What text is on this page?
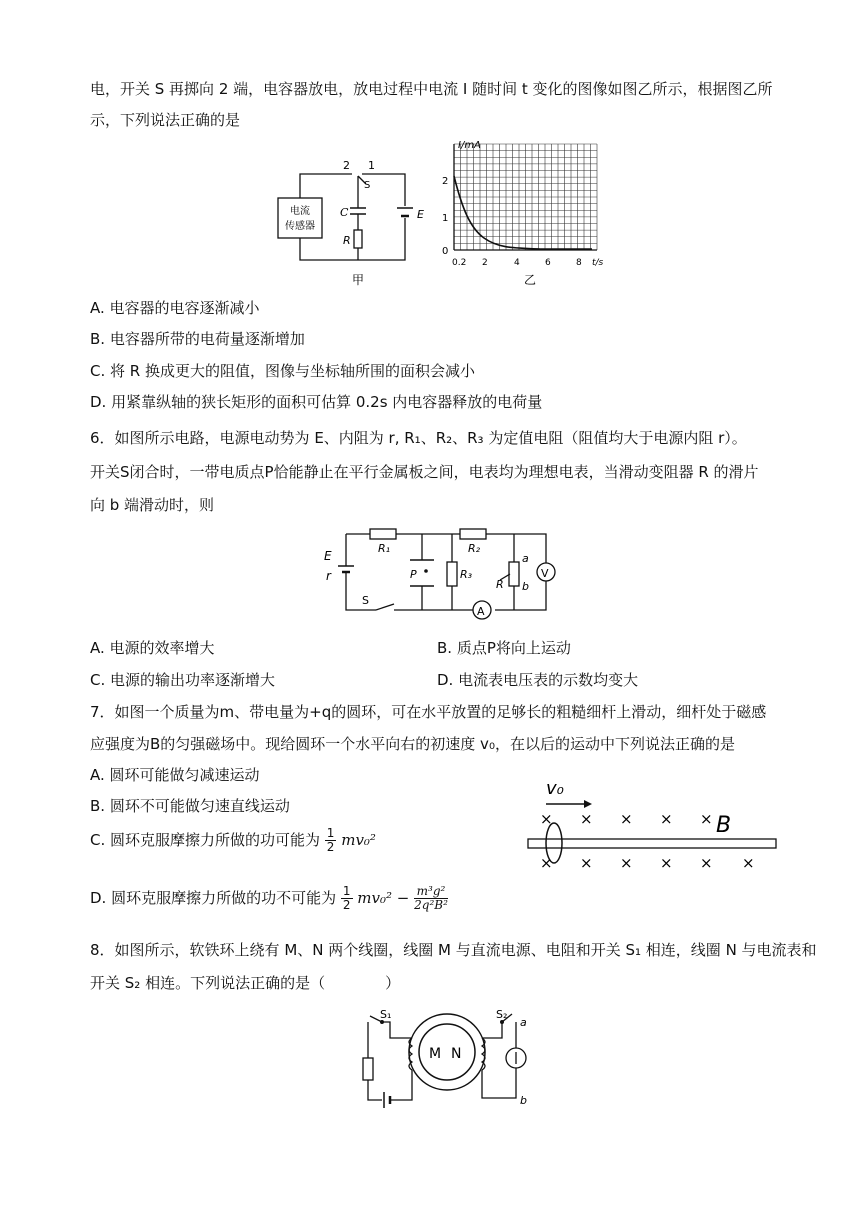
电，开关 S 再掷向 2 端，电容器放电，放电过程中电流 I 随时间 t 变化的图像如图乙所示，根据图乙所
示，下列说法正确的是
电流
传感器
2 1
S
C
R
E
甲
I/mA
t/s
2
1
0
0.2 2	4	6	8
乙
A. 电容器的电容逐渐减小
B. 电容器所带的电荷量逐渐增加
C. 将 R 换成更大的阻值，图像与坐标轴所围的面积会减小
D. 用紧靠纵轴的狭长矩形的面积可估算 0.2s 内电容器释放的电荷量
6．如图所示电路，电源电动势为 E、内阻为 r, R₁、R₂、R₃ 为定值电阻（阻值均大于电源内阻 r）。
开关S闭合时，一带电质点P恰能静止在平行金属板之间，电表均为理想电表，当滑动变阻器 R 的滑片
向 b 端滑动时，则
V
A
E
r
S
R₁	R₂
P	R₃
a
b
R
A. 电源的效率增大	B. 质点P将向上运动
C. 电源的输出功率逐渐增大	D. 电流表电压表的示数均变大
7．如图一个质量为m、带电量为+q的圆环，可在水平放置的足够长的粗糙细杆上滑动，细杆处于磁感
应强度为B的匀强磁场中。现给圆环一个水平向右的初速度 v₀，在以后的运动中下列说法正确的是
A. 圆环可能做匀减速运动
B. 圆环不可能做匀速直线运动
C. 圆环克服摩擦力所做的功可能为 $\frac{1}{2} mv_0^2$
D. 圆环克服摩擦力所做的功不可能为 $\frac{1}{2} mv_0^2 - \frac{\text{m³g²}}{\text{2q²B²}}$
v₀
B
× × × × ×
× × × × × ×
8．如图所示，软铁环上绕有 M、N 两个线圈，线圈 M 与直流电源、电阻和开关 S₁ 相连，线圈 N 与电流表和
开关 S₂ 相连。下列说法正确的是（　　　　）
M N
S₁	S₂
a
b
